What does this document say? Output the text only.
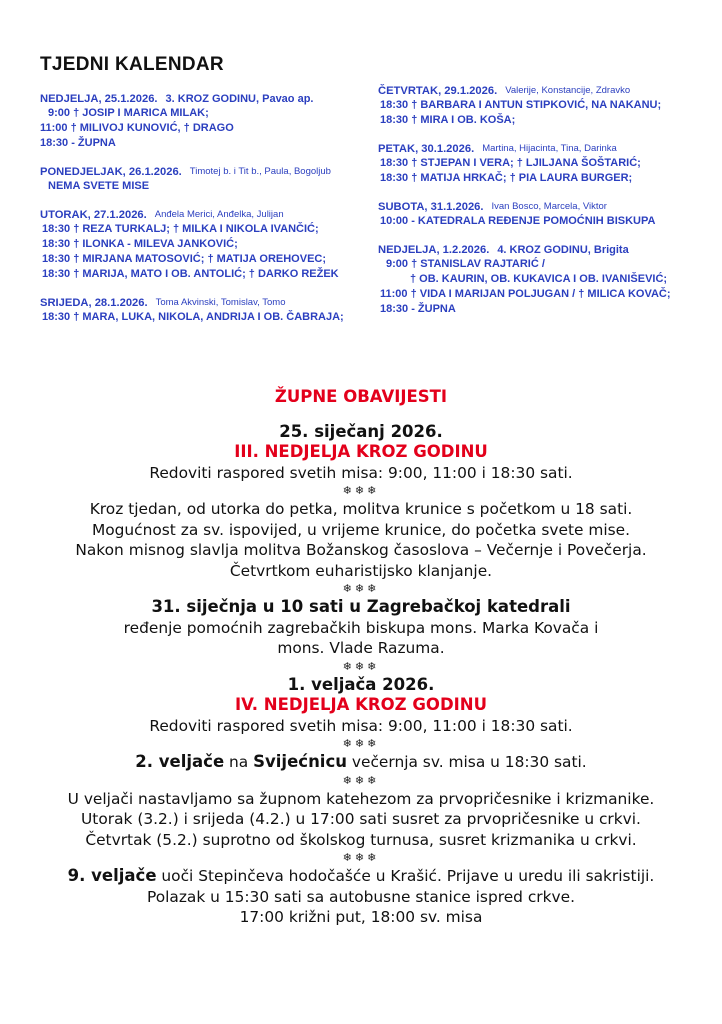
TJEDNI KALENDAR
NEDJELJA, 25.1.2026. 3. KROZ GODINU, Pavao ap.
9:00 † JOSIP I MARICA MILAK;
11:00 † MILIVOJ KUNOVIĆ, † DRAGO
18:30 - ŽUPNA
PONEDJELJAK, 26.1.2026. Timotej b. i Tit b., Paula, Bogoljub
NEMA SVETE MISE
UTORAK, 27.1.2026. Anđela Merici, Anđelka, Julijan
18:30 † REZA TURKALJ; † MILKA I NIKOLA IVANČIĆ;
18:30 † ILONKA - MILEVA JANKOVIĆ;
18:30 † MIRJANA MATOSOVIĆ; † MATIJA OREHOVEC;
18:30 † MARIJA, MATO I OB. ANTOLIĆ; † DARKO REŽEK
SRIJEDA, 28.1.2026. Toma Akvinski, Tomislav, Tomo
18:30 † MARA, LUKA, NIKOLA, ANDRIJA I OB. ČABRAJA;
ČETVRTAK, 29.1.2026. Valerije, Konstancije, Zdravko
18:30 † BARBARA I ANTUN STIPKOVIĆ, NA NAKANU;
18:30 † MIRA I OB. KOŠA;
PETAK, 30.1.2026. Martina, Hijacinta, Tina, Darinka
18:30 † STJEPAN I VERA; † LJILJANA ŠOŠTARIĆ;
18:30 † MATIJA HRKAČ; † PIA LAURA BURGER;
SUBOTA, 31.1.2026. Ivan Bosco, Marcela, Viktor
10:00 - KATEDRALA REĐENJE POMOĆNIH BISKUPA
NEDJELJA, 1.2.2026. 4. KROZ GODINU, Brigita
9:00 † STANISLAV RAJTARIĆ /
† OB. KAURIN, OB. KUKAVICA I OB. IVANIŠEVIĆ;
11:00 † VIDA I MARIJAN POLJUGAN / † MILICA KOVAČ;
18:30 - ŽUPNA

ŽUPNE OBAVIJESTI

25. siječanj 2026.

III. NEDJELJA KROZ GODINU

Redoviti raspored svetih misa: 9:00, 11:00 i 18:30 sati.

❄❄❄

Kroz tjedan, od utorka do petka, molitva krunice s početkom u 18 sati.

Mogućnost za sv. ispovijed, u vrijeme krunice, do početka svete mise.

Nakon misnog slavlja molitva Božanskog časoslova – Večernje i Povečerja.

Četvrtkom euharistijsko klanjanje.

❄❄❄

31. siječnja u 10 sati u Zagrebačkoj katedrali

ređenje pomoćnih zagrebačkih biskupa mons. Marka Kovača i

mons. Vlade Razuma.

❄❄❄

1. veljača 2026.

IV. NEDJELJA KROZ GODINU

Redoviti raspored svetih misa: 9:00, 11:00 i 18:30 sati.

❄❄❄

2. veljače na Svijećnicu večernja sv. misa u 18:30 sati.

❄❄❄

U veljači nastavljamo sa župnom katehezom za prvopričesnike i krizmanike.

Utorak (3.2.) i srijeda (4.2.) u 17:00 sati susret za prvopričesnike u crkvi.

Četvrtak (5.2.) suprotno od školskog turnusa, susret krizmanika u crkvi.

❄❄❄

9. veljače uoči Stepinčeva hodočašće u Krašić. Prijave u uredu ili sakristiji.

Polazak u 15:30 sati sa autobusne stanice ispred crkve.

17:00 križni put, 18:00 sv. misa
